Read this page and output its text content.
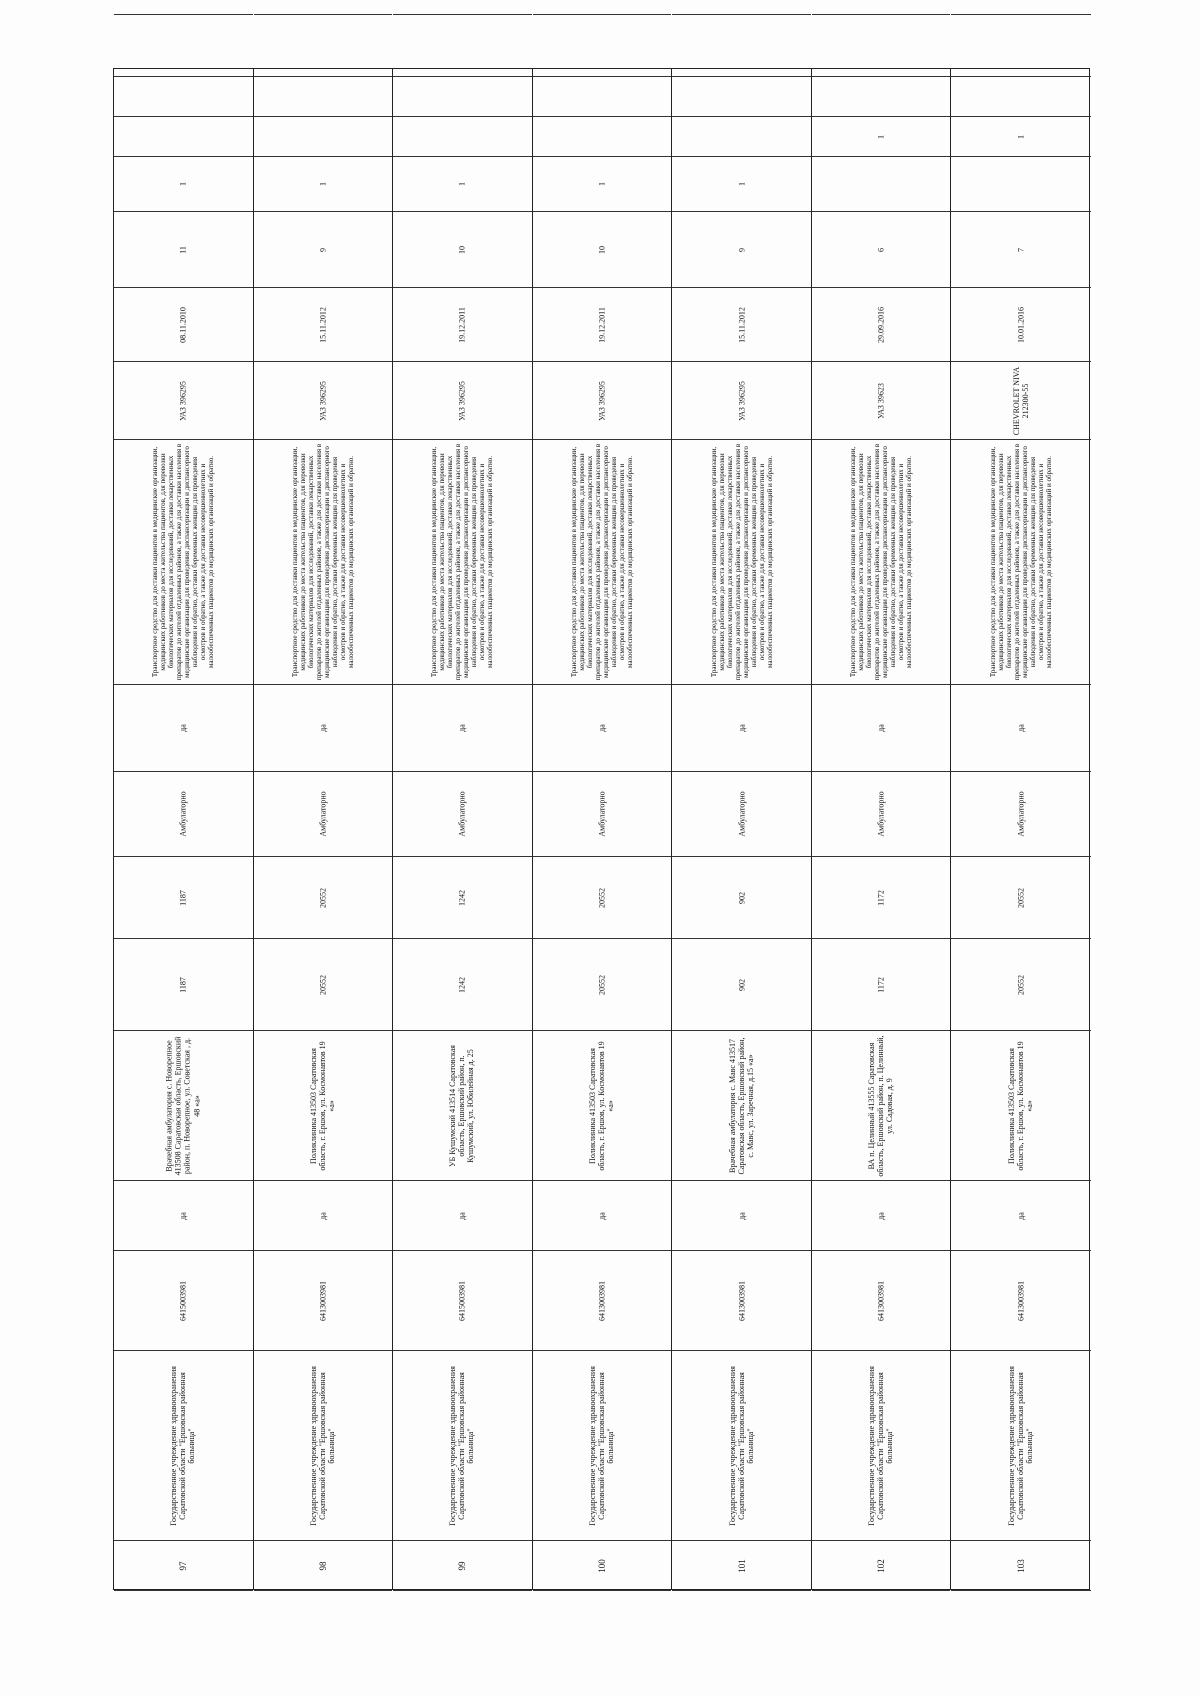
97
Государственное учреждение здравоохранения Саратовской области "Ершовская районная больница"
6415003981
да
Врачебная амбулатория с. Новорепное 413508 Саратовская область, Ершовский район, п. Новорепное, ул. Советская , д. 48 «а»
1187
1187
Амбулаторно
да
Транспортное средство для доставки пациентов в медицинские организации, медицинских работников до места жительства пациентов, для перевозки биологических материалов для исследований, доставки лекарственных препаратов до жителей отдаленных районов, а также для доставки населения в медицинские организации для проведения диспансеризации и диспансерного наблюдения и обратно, доставки беременных женщин для проведения осмотров и обратно, а также для доставки несовершеннолетних и малообеспеченных пациентов до медицинских организаций и обратно.
УАЗ 396295
08.11.2010
11
1
98
Государственное учреждение здравоохранения Саратовской области "Ершовская районная больница"
6413003981
да
Поликлиника 413503 Саратовская область, г. Ершов, ул. Космонавтов 19 «а»
20552
20552
Амбулаторно
да
Транспортное средство для доставки пациентов в медицинские организации, медицинских работников до места жительства пациентов, для перевозки биологических материалов для исследований, доставки лекарственных препаратов до жителей отдаленных районов, а также для доставки населения в медицинские организации для проведения диспансеризации и диспансерного наблюдения и обратно, доставки беременных женщин для проведения осмотров и обратно, а также для доставки несовершеннолетних и малообеспеченных пациентов до медицинских организаций и обратно.
УАЗ 396295
15.11.2012
9
1
99
Государственное учреждение здравоохранения Саратовской области "Ершовская районная больница"
6415003981
да
УБ Кушумский 413514 Саратовская область, Ершовский район, п. Кушумский, ул. Юбилейная д. 25
1242
1242
Амбулаторно
да
Транспортное средство для доставки пациентов в медицинские организации, медицинских работников до места жительства пациентов, для перевозки биологических материалов для исследований, доставки лекарственных препаратов до жителей отдаленных районов, а также для доставки населения в медицинские организации для проведения диспансеризации и диспансерного наблюдения и обратно, доставки беременных женщин для проведения осмотров и обратно, а также для доставки несовершеннолетних и малообеспеченных пациентов до медицинских организаций и обратно.
УАЗ 396295
19.12.2011
10
1
100
Государственное учреждение здравоохранения Саратовской области "Ершовская районная больница"
6413003981
да
Поликлиника 413503 Саратовская область, г. Ершов, ул. Космонавтов 19 «а»
20552
20552
Амбулаторно
да
Транспортное средство для доставки пациентов в медицинские организации, медицинских работников до места жительства пациентов, для перевозки биологических материалов для исследований, доставки лекарственных препаратов до жителей отдаленных районов, а также для доставки населения в медицинские организации для проведения диспансеризации и диспансерного наблюдения и обратно, доставки беременных женщин для проведения осмотров и обратно, а также для доставки несовершеннолетних и малообеспеченных пациентов до медицинских организаций и обратно.
УАЗ 396295
19.12.2011
10
1
101
Государственное учреждение здравоохранения Саратовской области "Ершовская районная больница"
6413003981
да
Врачебная амбулатория с. Мавс 413517 Саратовская область, Ершовский район, с. Мавс, ул. Заречная, д.15 «а»
902
902
Амбулаторно
да
Транспортное средство для доставки пациентов в медицинские организации, медицинских работников до места жительства пациентов, для перевозки биологических материалов для исследований, доставки лекарственных препаратов до жителей отдаленных районов, а также для доставки населения в медицинские организации для проведения диспансеризации и диспансерного наблюдения и обратно, доставки беременных женщин для проведения осмотров и обратно, а также для доставки несовершеннолетних и малообеспеченных пациентов до медицинских организаций и обратно.
УАЗ 396295
15.11.2012
9
1
102
Государственное учреждение здравоохранения Саратовской области "Ершовская районная больница"
6413003981
да
ВА п. Целинный 413555 Саратовская область, Ершовский район, п. Целинный, ул. Садовая, д. 9
1172
1172
Амбулаторно
да
Транспортное средство для доставки пациентов в медицинские организации, медицинских работников до места жительства пациентов, для перевозки биологических материалов для исследований, доставки лекарственных препаратов до жителей отдаленных районов, а также для доставки населения в медицинские организации для проведения диспансеризации и диспансерного наблюдения и обратно, доставки беременных женщин для проведения осмотров и обратно, а также для доставки несовершеннолетних и малообеспеченных пациентов до медицинских организаций и обратно.
УАЗ 39623
29.09.2016
6
1
103
Государственное учреждение здравоохранения Саратовской области "Ершовская районная больница"
6413003981
да
Поликлиника 413503 Саратовская область, г. Ершов, ул. Космонавтов 19 «а»
20552
20552
Амбулаторно
да
Транспортное средство для доставки пациентов в медицинские организации, медицинских работников до места жительства пациентов, для перевозки биологических материалов для исследований, доставки лекарственных препаратов до жителей отдаленных районов, а также для доставки населения в медицинские организации для проведения диспансеризации и диспансерного наблюдения и обратно, доставки беременных женщин для проведения осмотров и обратно, а также для доставки несовершеннолетних и малообеспеченных пациентов до медицинских организаций и обратно.
CHEVROLET NIVA 212300-55
10.01.2016
7
1
